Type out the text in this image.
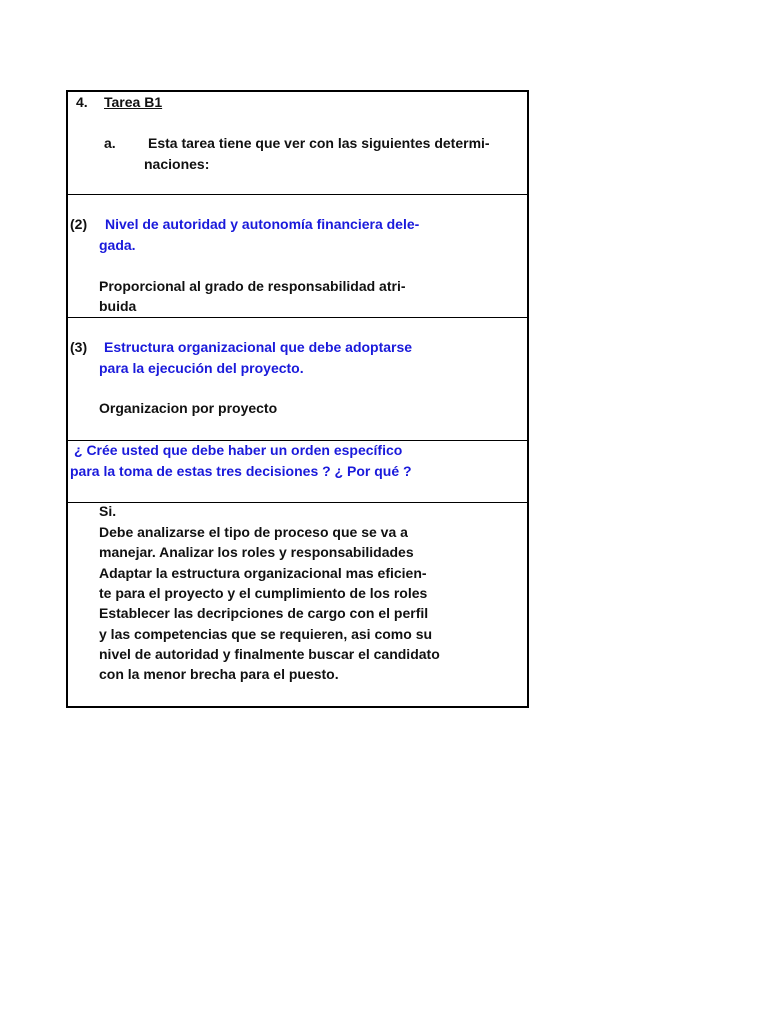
4. Tarea B1
a. Esta tarea tiene que ver con las siguientes determi-
naciones:
(2) Nivel de autoridad y autonomía financiera dele-
gada.
Proporcional al grado de responsabilidad atri-
buida
(3) Estructura organizacional que debe adoptarse
para la ejecución del proyecto.
Organizacion por proyecto
¿ Crée usted que debe haber un orden específico
para la toma de estas tres decisiones ? ¿ Por qué ?
Si.
Debe analizarse el tipo de proceso que se va a
manejar. Analizar los roles y responsabilidades
Adaptar la estructura organizacional mas eficien-
te para el proyecto y el cumplimiento de los roles
Establecer las decripciones de cargo con el perfil
y las competencias que se requieren, asi como su
nivel de autoridad y finalmente buscar el candidato
con la menor brecha para el puesto.
